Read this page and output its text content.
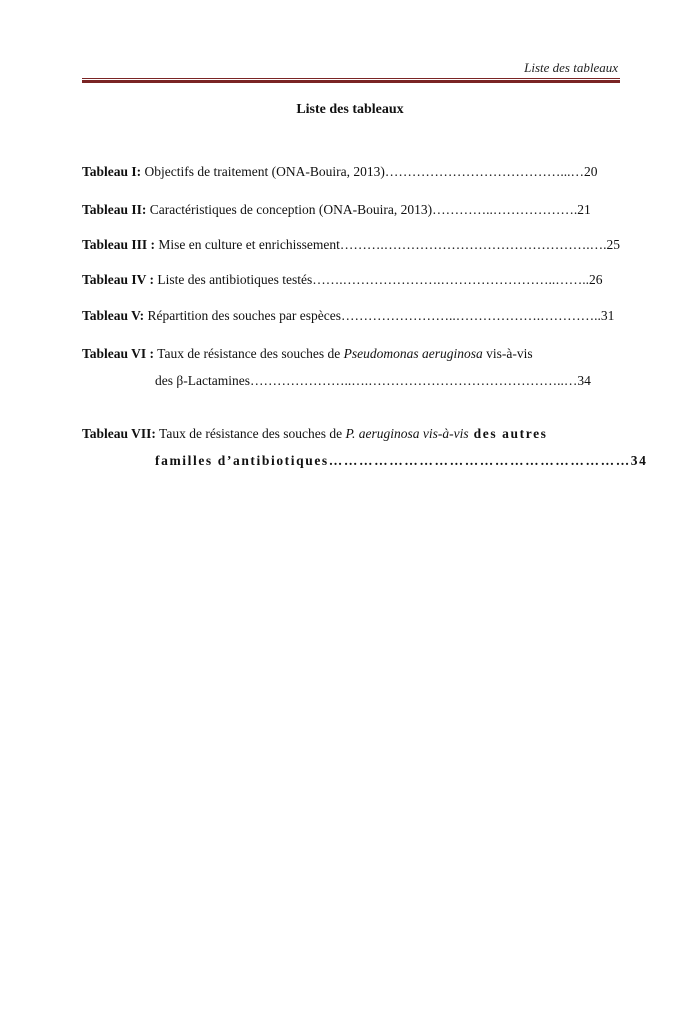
Liste des tableaux
Liste des tableaux
Tableau I: Objectifs de traitement (ONA-Bouira, 2013)…………………………………...…20
Tableau II: Caractéristiques de conception (ONA-Bouira, 2013)…………..……………….21
Tableau III : Mise en culture et enrichissement……….……………………………………….….25
Tableau IV : Liste des antibiotiques testés…….………………….……………………..……..26
Tableau V: Répartition des souches par espèces……………………..……………….…………..31
Tableau VI : Taux de résistance des souches de Pseudomonas aeruginosa vis-à-vis
des β-Lactamines…………………..….……………………………………..…34
Tableau VII: Taux de résistance des souches de P. aeruginosa vis-à-vis des autres
familles d’antibiotiques……………………………………………………34
